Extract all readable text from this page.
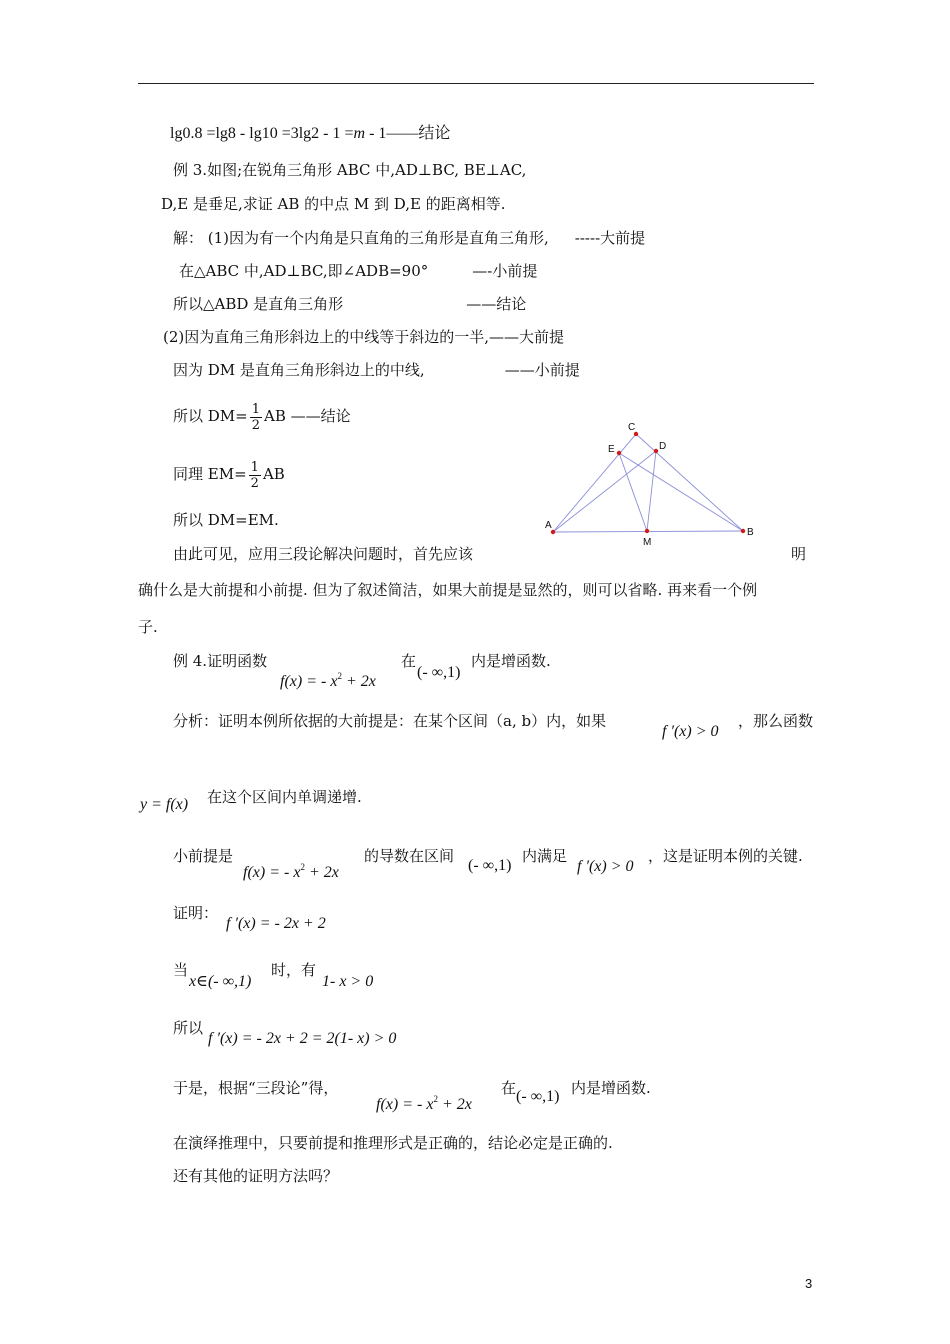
lg0.8 =lg8 - lg10 =3lg2 - 1 =m - 1——结论
例 3.如图;在锐角三角形 ABC 中,AD⊥BC, BE⊥AC,
D,E 是垂足,求证 AB 的中点 M 到 D,E 的距离相等.
解： (1)因为有一个内角是只直角的三角形是直角三角形, -----大前提
在△ABC 中,AD⊥BC,即∠ADB=90°	—-小前提
所以△ABD 是直角三角形	——结论
(2)因为直角三角形斜边上的中线等于斜边的一半,——大前提
因为 DM 是直角三角形斜边上的中线,	——小前提
所以 $DM= \frac{1}{2}$ AB ——结论
同理 $EM= \frac{1}{2}$ AB
所以 DM=EM.	A
B
C
D
E
M
由此可见，应用三段论解决问题时，首先应该	明
确什么是大前提和小前提. 但为了叙述简洁，如果大前提是显然的，则可以省略. 再来看一个例
子.
例 4.证明函数
f(x) = - $x^2 + 2x$
在
(- ∞,1)
内是增函数.
分析：证明本例所依据的大前提是：在某个区间（a, b）内，如果
f ′(x) > 0
，那么函数
y = f(x) 在这个区间内单调递增.
小前提是
f(x) = - $x^2 + 2x$
的导数在区间
(- ∞,1)
内满足
f ′(x) > 0
，这是证明本例的关键.
证明：
f ′(x) = - 2x + 2
当
x∈(- ∞,1)
时，有
1- x > 0
所以
f ′(x) = - 2x + 2 = 2(1- x) > 0
于是，根据“三段论”得，
f(x) = - $x^2 + 2x$
在 (- ∞,1) 内是增函数.
在演绎推理中，只要前提和推理形式是正确的，结论必定是正确的.
还有其他的证明方法吗？
3
